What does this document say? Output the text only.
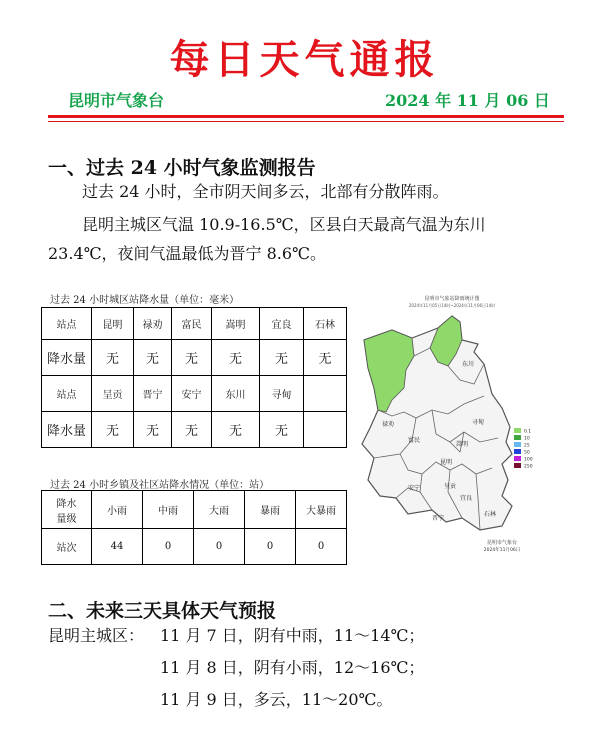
每日天气通报
昆明市气象台	2024 年 11 月 06 日
一、过去 24 小时气象监测报告
过去 24 小时，全市阴天间多云，北部有分散阵雨。
昆明主城区气温 10.9-16.5℃，区县白天最高气温为东川
23.4℃，夜间气温最低为晋宁 8.6℃。
过去 24 小时城区站降水量（单位：毫米）
站点	昆明	禄劝	富民	嵩明	宜良	石林
降水量	无	无	无	无	无	无
站点	呈贡	晋宁	安宁	东川	寻甸	
降水量	无	无	无	无	无	
过去 24 小时乡镇及社区站降水情况（单位：站）
降水
量级	小雨	中雨	大雨	暴雨	大暴雨
站次	44	0	0	0	0
昆明市气象站降雨统计图
2024年11月05日14时~2024年11月06日14时
禄劝
东川
寻甸
嵩明
富民
昆明
安宁	呈贡
宜良
晋宁
石林
0.1
10
25
50
100
250
昆明市气象台
2024年11月06日
二、未来三天具体天气预报
昆明主城区： 11 月 7 日，阴有中雨，11～14℃；
11 月 8 日，阴有小雨，12～16℃；
11 月 9 日，多云，11～20℃。
